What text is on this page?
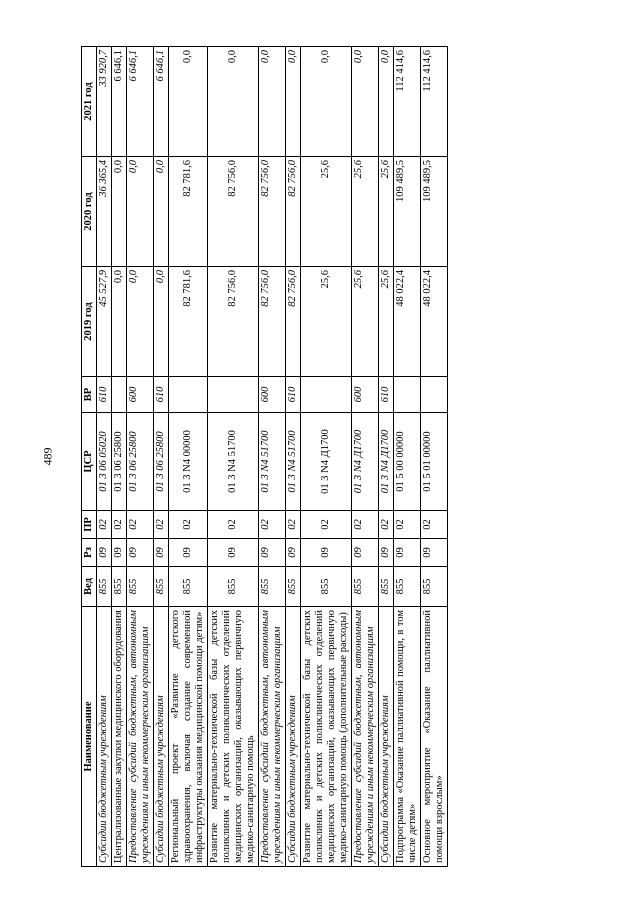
489
Наименование	Вед	Рз	ПР	ЦСР	ВР	2019 год	2020 год	2021 год
Субсидии бюджетным учреждениям	855	09	02	01 3 06 05020	610	45 527,9	36 365,4	33 920,7
Централизованные закупки медицинского оборудования	855	09	02	01 3 06 25800		0,0	0,0	6 646,1
Предоставление субсидий бюджетным, автономным учреждениям и иным некоммерческим организациям	855	09	02	01 3 06 25800	600	0,0	0,0	6 646,1
Субсидии бюджетным учреждениям	855	09	02	01 3 06 25800	610	0,0	0,0	6 646,1
Региональный проект «Развитие детского здравоохранения, включая создание современной инфраструктуры оказания медицинской помощи детям»	855	09	02	01 3 N4 00000		82 781,6	82 781,6	0,0
Развитие материально-технической базы детских поликлиник и детских поликлинических отделений медицинских организаций, оказывающих первичную медико-санитарную помощь	855	09	02	01 3 N4 51700		82 756,0	82 756,0	0,0
Предоставление субсидий бюджетным, автономным учреждениям и иным некоммерческим организациям	855	09	02	01 3 N4 51700	600	82 756,0	82 756,0	0,0
Субсидии бюджетным учреждениям	855	09	02	01 3 N4 51700	610	82 756,0	82 756,0	0,0
Развитие материально-технической базы детских поликлиник и детских поликлинических отделений медицинских организаций, оказывающих первичную медико-санитарную помощь (дополнительные расходы)	855	09	02	01 3 N4 Д1700		25,6	25,6	0,0
Предоставление субсидий бюджетным, автономным учреждениям и иным некоммерческим организациям	855	09	02	01 3 N4 Д1700	600	25,6	25,6	0,0
Субсидии бюджетным учреждениям	855	09	02	01 3 N4 Д1700	610	25,6	25,6	0,0
Подпрограмма «Оказание паллиативной помощи, в том числе детям»	855	09	02	01 5 00 00000		48 022,4	109 489,5	112 414,6
Основное мероприятие «Оказание паллиативной помощи взрослым»	855	09	02	01 5 01 00000		48 022,4	109 489,5	112 414,6
